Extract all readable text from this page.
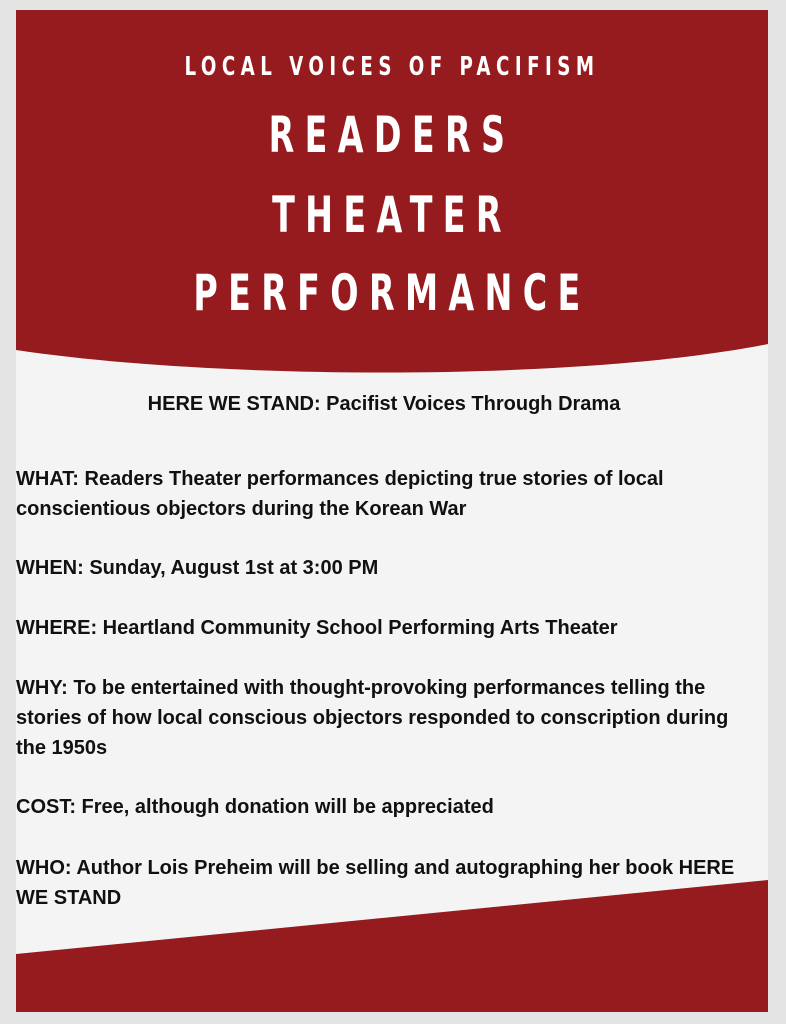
LOCAL VOICES OF PACIFISM
READERS
THEATER
PERFORMANCE
WHAT: Readers Theater performances depicting true stories of local conscientious objectors during the Korean War
WHEN: Sunday, August 1st at 3:00 PM
WHERE: Heartland Community School Performing Arts Theater
WHY: To be entertained with thought-provoking performances telling the stories of how local conscious objectors responded to conscription during the 1950s
COST: Free, although donation will be appreciated
WHO: Author Lois Preheim will be selling and autographing her book HERE WE STAND
HERE WE STAND: Pacifist Voices Through Drama
